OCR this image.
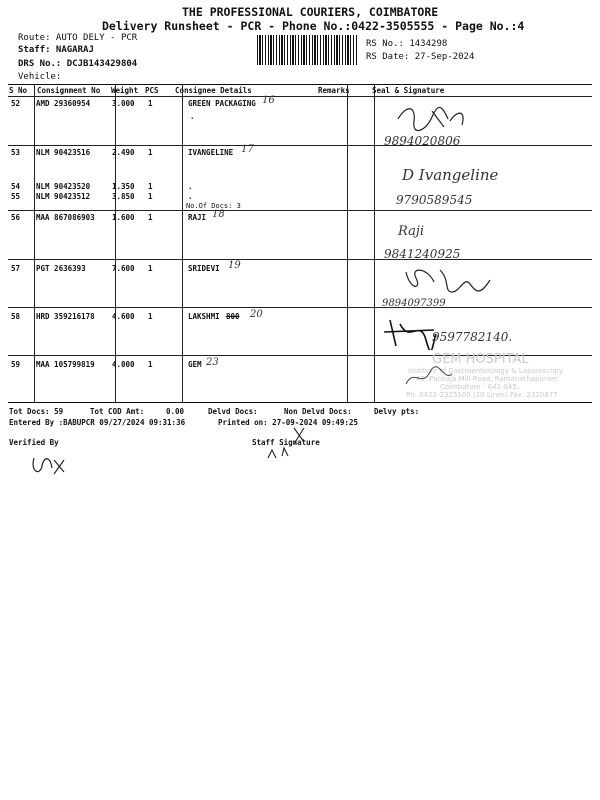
THE PROFESSIONAL COURIERS, COIMBATORE
Delivery Runsheet - PCR - Phone No.:0422-3505555 - Page No.:4
Route: AUTO DELY - PCR
Staff: NAGARAJ
DRS No.: DCJB143429804
Vehicle:
RS No.: 1434298
RS Date: 27-Sep-2024
S No Consignment No Weight PCS Consignee Details	Remarks	Seal & Signature
52 AMD 29360954	3.000 1	GREEN PACKAGING 16
.
9894020806
53 NLM 90423516	2.490 1	IVANGELINE 17
54 NLM 90423520	1.350 1	.
55 NLM 90423512	3.850 1	.
No.Of Docs: 3
D Ivangeline
9790589545
56 MAA 867086903 1.600 1	RAJI 18
Raji
9841240925
57 PGT 2636393	7.600 1	SRIDEVI 19
9894097399
58 HRD 359216178 4.600 1	LAKSHMI 800 20
9597782140.
59 MAA 105799819 4.000 1	GEM 23	GEM HOSPITAL
Institute of Gastroenterology & Laparoscopy
45, Pankaja Mill Road, Ramanathapuram
Coimbatore - 641 045.
Ph: 0422-2325100 (10 Lines) Fax: 2320877
Tot Docs: 59	Tot COD Amt:	0.00	Delvd Docs:	Non Delvd Docs:	Delvy pts:
Entered By :BABUPCR 09/27/2024 09:31:36	Printed on: 27-09-2024 09:49:25
Verified By	Staff Signature
